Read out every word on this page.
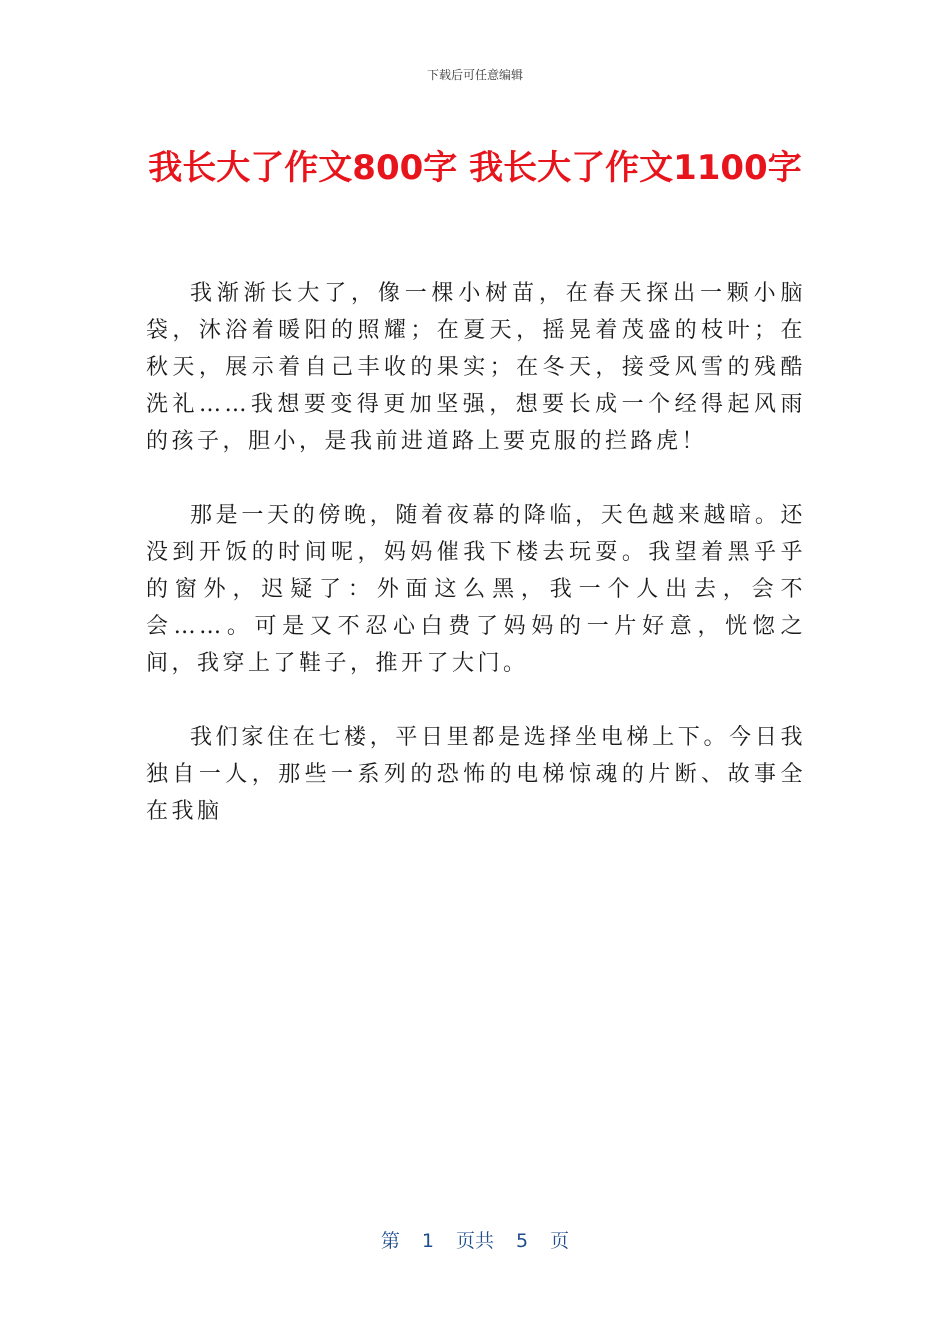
下载后可任意编辑
我长大了作文800字 我长大了作文1100字

我渐渐长大了，像一棵小树苗，在春天探出一颗小脑袋，沐浴着暖阳的照耀；在夏天，摇晃着茂盛的枝叶；在秋天，展示着自己丰收的果实；在冬天，接受风雪的残酷洗礼……我想要变得更加坚强，想要长成一个经得起风雨的孩子，胆小，是我前进道路上要克服的拦路虎！

那是一天的傍晚，随着夜幕的降临，天色越来越暗。还没到开饭的时间呢，妈妈催我下楼去玩耍。我望着黑乎乎的窗外，迟疑了：外面这么黑，我一个人出去，会不会……。可是又不忍心白费了妈妈的一片好意，恍惚之间，我穿上了鞋子，推开了大门。

我们家住在七楼，平日里都是选择坐电梯上下。今日我独自一人，那些一系列的恐怖的电梯惊魂的片断、故事全在我脑

第 1 页共 5 页
